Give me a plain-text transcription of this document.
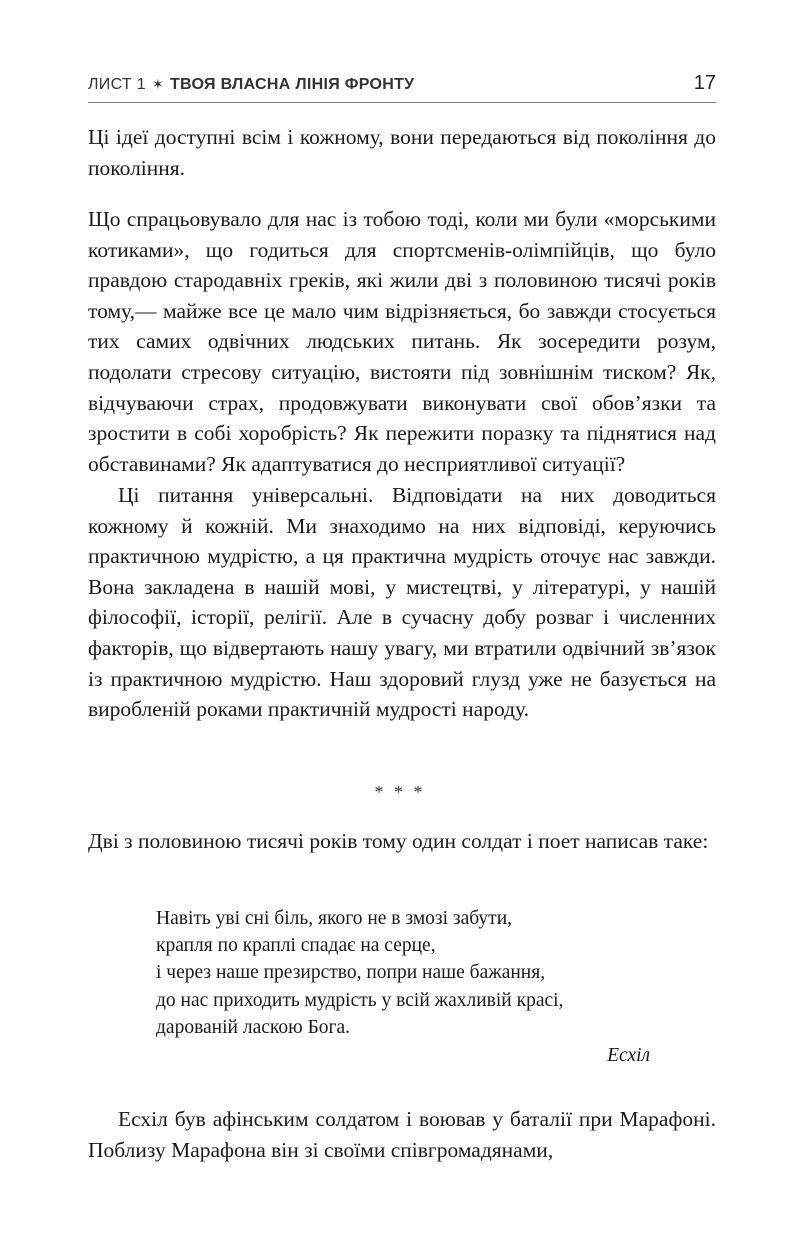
ЛИСТ 1 ✶ ТВОЯ ВЛАСНА ЛІНІЯ ФРОНТУ	17

Ці ідеї доступні всім і кожному, вони передаються від покоління до покоління.

Що спрацьовувало для нас із тобою тоді, коли ми були «морськими котиками», що годиться для спортсменів-олімпійців, що було правдою стародавніх греків, які жили дві з половиною тисячі років тому,— майже все це мало чим відрізняється, бо завжди стосується тих самих одвічних людських питань. Як зосередити розум, подолати стресову ситуацію, вистояти під зовнішнім тиском? Як, відчуваючи страх, продовжувати виконувати свої обов’язки та зростити в собі хоробрість? Як пережити поразку та піднятися над обставинами? Як адаптуватися до несприятливої ситуації?

Ці питання універсальні. Відповідати на них доводиться кожному й кожній. Ми знаходимо на них відповіді, керуючись практичною мудрістю, а ця практична мудрість оточує нас завжди. Вона закладена в нашій мові, у мистецтві, у літературі, у нашій філософії, історії, релігії. Але в сучасну добу розваг і численних факторів, що відвертають нашу увагу, ми втратили одвічний зв’язок із практичною мудрістю. Наш здоровий глузд уже не базується на виробленій роками практичній мудрості народу.

* * *

Дві з половиною тисячі років тому один солдат і поет написав таке:

Навіть уві сні біль, якого не в змозі забути,
крапля по краплі спадає на серце,
і через наше презирство, попри наше бажання,
до нас приходить мудрість у всій жахливій красі,
дарованій ласкою Бога.
Есхіл

Есхіл був афінським солдатом і воював у баталії при Марафоні. Поблизу Марафона він зі своїми співгромадянами,
